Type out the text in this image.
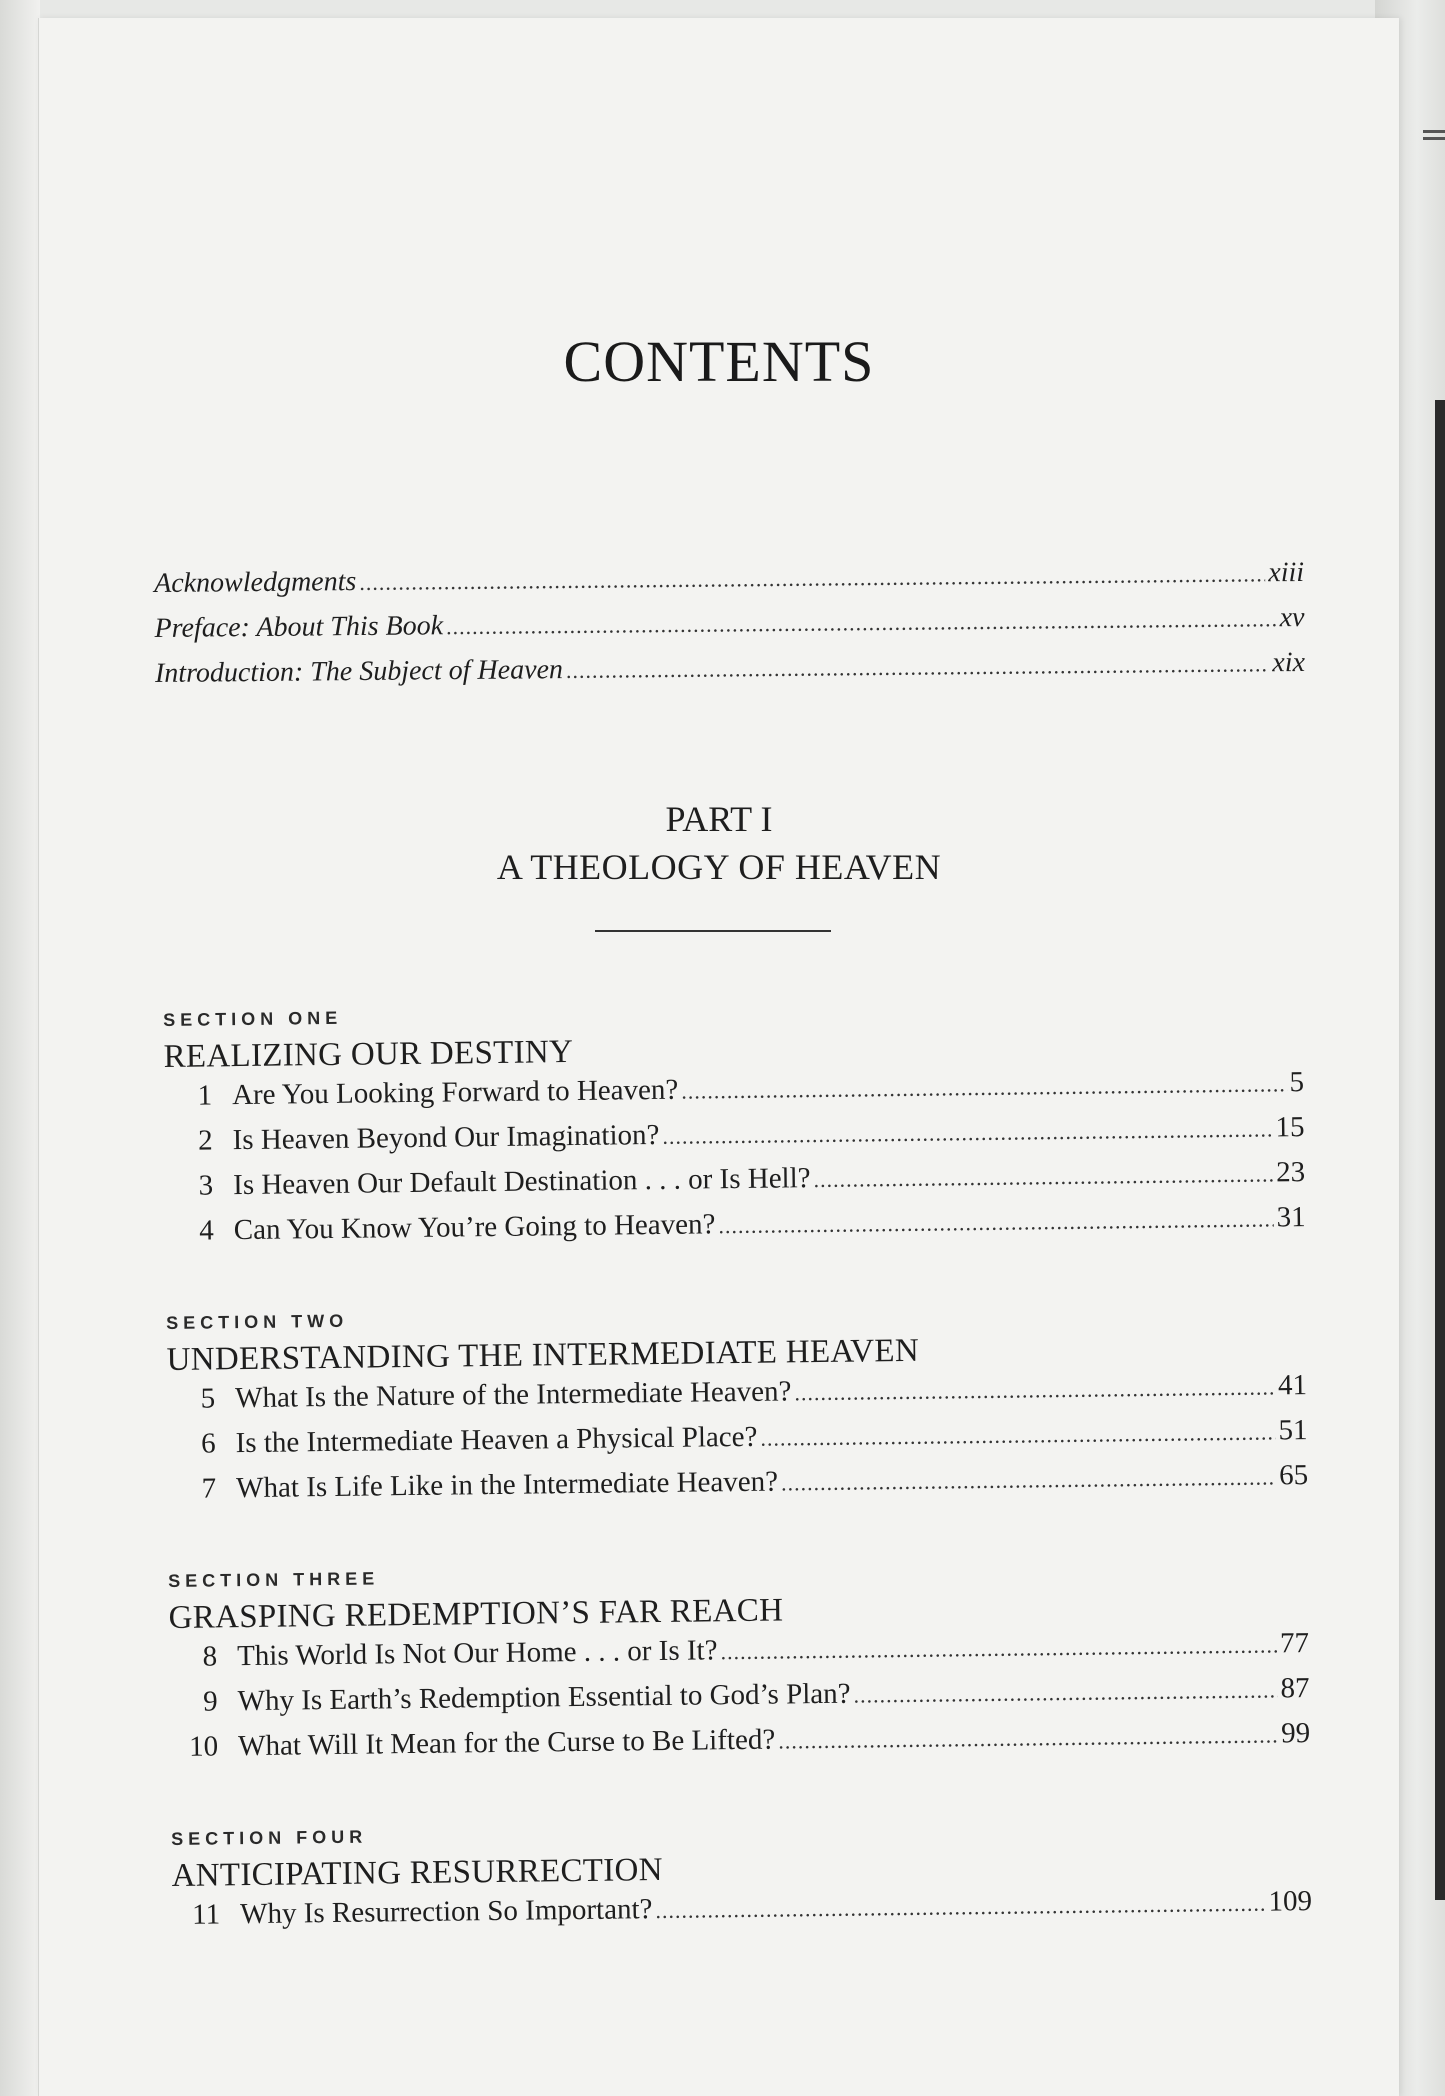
CONTENTS
Acknowledgments .....	xiii
Preface: About This Book .....	xv
Introduction: The Subject of Heaven .....	xix
PART I
A THEOLOGY OF HEAVEN
SECTION ONE
REALIZING OUR DESTINY
1 Are You Looking Forward to Heaven? .....	5
2 Is Heaven Beyond Our Imagination? .....	15
3 Is Heaven Our Default Destination . . . or Is Hell? .....	23
4 Can You Know You’re Going to Heaven? .....	31
SECTION TWO
UNDERSTANDING THE INTERMEDIATE HEAVEN
5 What Is the Nature of the Intermediate Heaven? .....	41
6 Is the Intermediate Heaven a Physical Place? .....	51
7 What Is Life Like in the Intermediate Heaven? .....	65
SECTION THREE
GRASPING REDEMPTION’S FAR REACH
8 This World Is Not Our Home . . . or Is It? .....	77
9 Why Is Earth’s Redemption Essential to God’s Plan? .....	87
10 What Will It Mean for the Curse to Be Lifted? .....	99
SECTION FOUR
ANTICIPATING RESURRECTION
11 Why Is Resurrection So Important? .....	109
